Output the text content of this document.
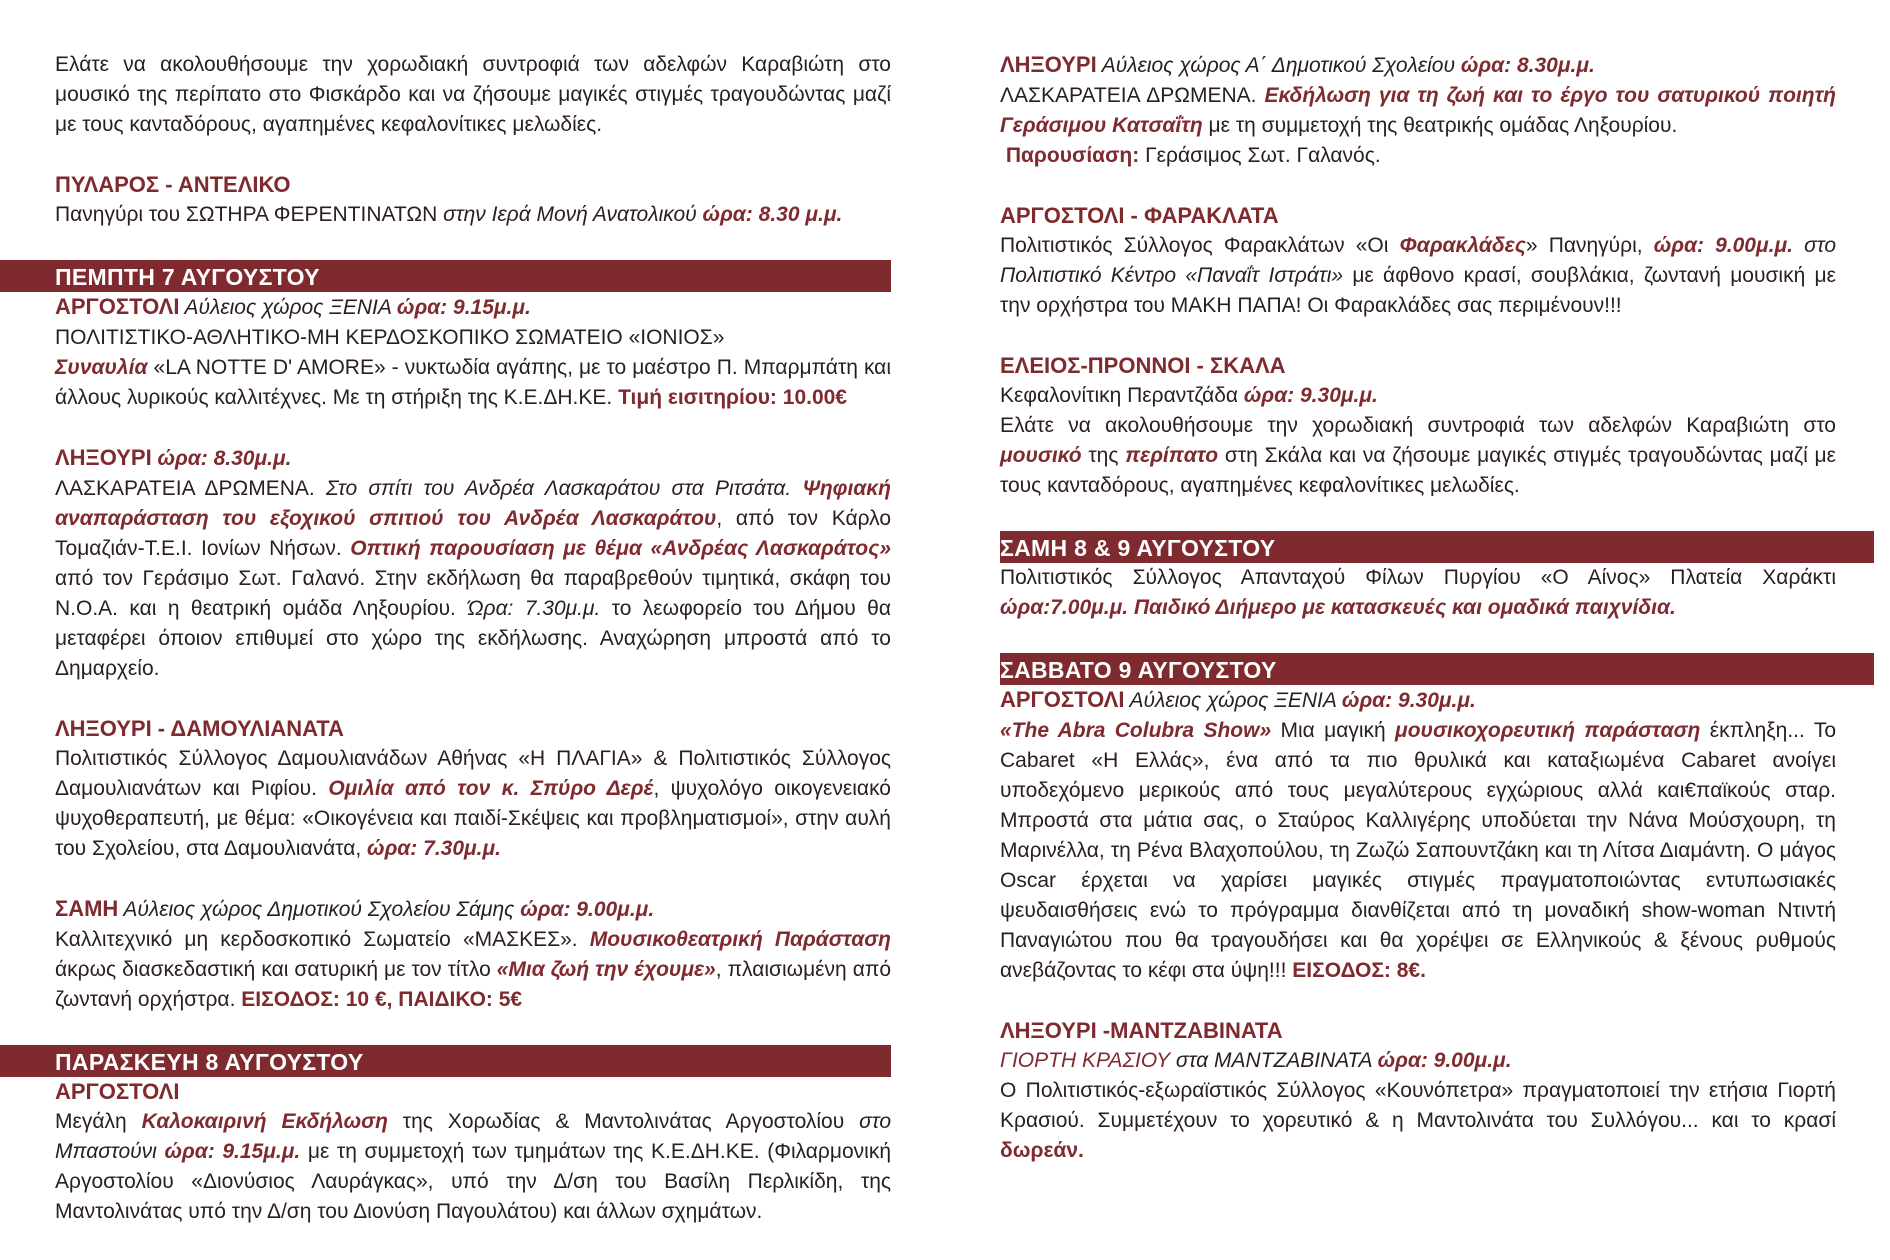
Ελάτε να ακολουθήσουμε την χορωδιακή συντροφιά των αδελφών Καραβιώτη στο μουσικό της περίπατο στο Φισκάρδο και να ζήσουμε μαγικές στιγμές τραγουδώντας μαζί με τους κανταδόρους, αγαπημένες κεφαλονίτικες μελωδίες.

ΠΥΛΑΡΟΣ - ΑΝΤΕΛΙΚΟ

Πανηγύρι του ΣΩΤΗΡΑ ΦΕΡΕΝΤΙΝΑΤΩΝ στην Ιερά Μονή Ανατολικού ώρα: 8.30 μ.μ.

ΠΕΜΠΤΗ 7 ΑΥΓΟΥΣΤΟΥ

ΑΡΓΟΣΤΟΛΙ Αύλειος χώρος ΞΕΝΙΑ ώρα: 9.15μ.μ.

ΠΟΛΙΤΙΣΤΙΚΟ-ΑΘΛΗΤΙΚΟ-ΜΗ ΚΕΡΔΟΣΚΟΠΙΚΟ ΣΩΜΑΤΕΙΟ «ΙΟΝΙΟΣ»

Συναυλία «LA NOTTE D' AMORE» - νυκτωδία αγάπης, με το μαέστρο Π. Μπαρμπάτη και άλλους λυρικούς καλλιτέχνες. Με τη στήριξη της Κ.Ε.ΔΗ.ΚΕ. Τιμή εισιτηρίου: 10.00€

ΛΗΞΟΥΡΙ ώρα: 8.30μ.μ.

ΛΑΣΚΑΡΑΤΕΙΑ ΔΡΩΜΕΝΑ. Στο σπίτι του Ανδρέα Λασκαράτου στα Ριτσάτα. Ψηφιακή αναπαράσταση του εξοχικού σπιτιού του Ανδρέα Λασκαράτου, από τον Κάρλο Τομαζιάν-Τ.Ε.Ι. Ιονίων Νήσων. Οπτική παρουσίαση με θέμα «Ανδρέας Λασκαράτος» από τον Γεράσιμο Σωτ. Γαλανό. Στην εκδήλωση θα παραβρεθούν τιμητικά, σκάφη του Ν.Ο.Α. και η θεατρική ομάδα Ληξουρίου. Ώρα: 7.30μ.μ. το λεωφορείο του Δήμου θα μεταφέρει όποιον επιθυμεί στο χώρο της εκδήλωσης. Αναχώρηση μπροστά από το Δημαρχείο.

ΛΗΞΟΥΡΙ - ΔΑΜΟΥΛΙΑΝΑΤΑ

Πολιτιστικός Σύλλογος Δαμουλιανάδων Αθήνας «Η ΠΛΑΓΙΑ» & Πολιτιστικός Σύλλογος Δαμουλιανάτων και Ριφίου. Ομιλία από τον κ. Σπύρο Δερέ, ψυχολόγο οικογενειακό ψυχοθεραπευτή, με θέμα: «Οικογένεια και παιδί-Σκέψεις και προβληματισμοί», στην αυλή του Σχολείου, στα Δαμουλιανάτα, ώρα: 7.30μ.μ.

ΣΑΜΗ Αύλειος χώρος Δημοτικού Σχολείου Σάμης ώρα: 9.00μ.μ.

Καλλιτεχνικό μη κερδοσκοπικό Σωματείο «ΜΑΣΚΕΣ». Μουσικοθεατρική Παράσταση άκρως διασκεδαστική και σατυρική με τον τίτλο «Μια ζωή την έχουμε», πλαισιωμένη από ζωντανή ορχήστρα. ΕΙΣΟΔΟΣ: 10 €, ΠΑΙΔΙΚΟ: 5€

ΠΑΡΑΣΚΕΥΗ 8 ΑΥΓΟΥΣΤΟΥ
ΑΡΓΟΣΤΟΛΙ

Μεγάλη Καλοκαιρινή Εκδήλωση της Χορωδίας & Μαντολινάτας Αργοστολίου στο Μπαστούνι ώρα: 9.15μ.μ. με τη συμμετοχή των τμημάτων της Κ.Ε.ΔΗ.ΚΕ. (Φιλαρμονική Αργοστολίου «Διονύσιος Λαυράγκας», υπό την Δ/ση του Βασίλη Περλικίδη, της Μαντολινάτας υπό την Δ/ση του Διονύση Παγουλάτου) και άλλων σχημάτων.

ΛΗΞΟΥΡΙ Αύλειος χώρος Α΄ Δημοτικού Σχολείου ώρα: 8.30μ.μ.

ΛΑΣΚΑΡΑΤΕΙΑ ΔΡΩΜΕΝΑ. Εκδήλωση για τη ζωή και το έργο του σατυρικού ποιητή Γεράσιμου Κατσαΐτη με τη συμμετοχή της θεατρικής ομάδας Ληξουρίου.

Παρουσίαση: Γεράσιμος Σωτ. Γαλανός.

ΑΡΓΟΣΤΟΛΙ - ΦΑΡΑΚΛΑΤΑ

Πολιτιστικός Σύλλογος Φαρακλάτων «Οι Φαρακλάδες» Πανηγύρι, ώρα: 9.00μ.μ. στο Πολιτιστικό Κέντρο «Παναΐτ Ιστράτι» με άφθονο κρασί, σουβλάκια, ζωντανή μουσική με την ορχήστρα του ΜΑΚΗ ΠΑΠΑ! Οι Φαρακλάδες σας περιμένουν!!!

ΕΛΕΙΟΣ-ΠΡΟΝΝΟΙ - ΣΚΑΛΑ

Κεφαλονίτικη Περαντζάδα ώρα: 9.30μ.μ.

Ελάτε να ακολουθήσουμε την χορωδιακή συντροφιά των αδελφών Καραβιώτη στο μουσικό της περίπατο στη Σκάλα και να ζήσουμε μαγικές στιγμές τραγουδώντας μαζί με τους κανταδόρους, αγαπημένες κεφαλονίτικες μελωδίες.

ΣΑΜΗ 8 & 9 ΑΥΓΟΥΣΤΟΥ

Πολιτιστικός Σύλλογος Απανταχού Φίλων Πυργίου «Ο Αίνος» Πλατεία Χαράκτι ώρα:7.00μ.μ. Παιδικό Διήμερο με κατασκευές και ομαδικά παιχνίδια.

ΣΑΒΒΑΤΟ 9 ΑΥΓΟΥΣΤΟΥ

ΑΡΓΟΣΤΟΛΙ Αύλειος χώρος ΞΕΝΙΑ ώρα: 9.30μ.μ.

«The Abra Colubra Show» Μια μαγική μουσικοχορευτική παράσταση έκπληξη... Το Cabaret «Η Ελλάς», ένα από τα πιο θρυλικά και καταξιωμένα Cabaret ανοίγει υποδεχόμενο μερικούς από τους μεγαλύτερους εγχώριους αλλά και€παϊκούς σταρ. Μπροστά στα μάτια σας, ο Σταύρος Καλλιγέρης υποδύεται την Νάνα Μούσχουρη, τη Μαρινέλλα, τη Ρένα Βλαχοπούλου, τη Ζωζώ Σαπουντζάκη και τη Λίτσα Διαμάντη. Ο μάγος Oscar έρχεται να χαρίσει μαγικές στιγμές πραγματοποιώντας εντυπωσιακές ψευδαισθήσεις ενώ το πρόγραμμα διανθίζεται από τη μοναδική show-woman Ντιντή Παναγιώτου που θα τραγουδήσει και θα χορέψει σε Ελληνικούς & ξένους ρυθμούς ανεβάζοντας το κέφι στα ύψη!!! ΕΙΣΟΔΟΣ: 8€.

ΛΗΞΟΥΡΙ -ΜΑΝΤΖΑΒΙΝΑΤΑ

ΓΙΟΡΤΗ ΚΡΑΣΙΟΥ στα ΜΑΝΤΖΑΒΙΝΑΤΑ ώρα: 9.00μ.μ.

Ο Πολιτιστικός-εξωραϊστικός Σύλλογος «Κουνόπετρα» πραγματοποιεί την ετήσια Γιορτή Κρασιού. Συμμετέχουν το χορευτικό & η Μαντολινάτα του Συλλόγου... και το κρασί δωρεάν.
